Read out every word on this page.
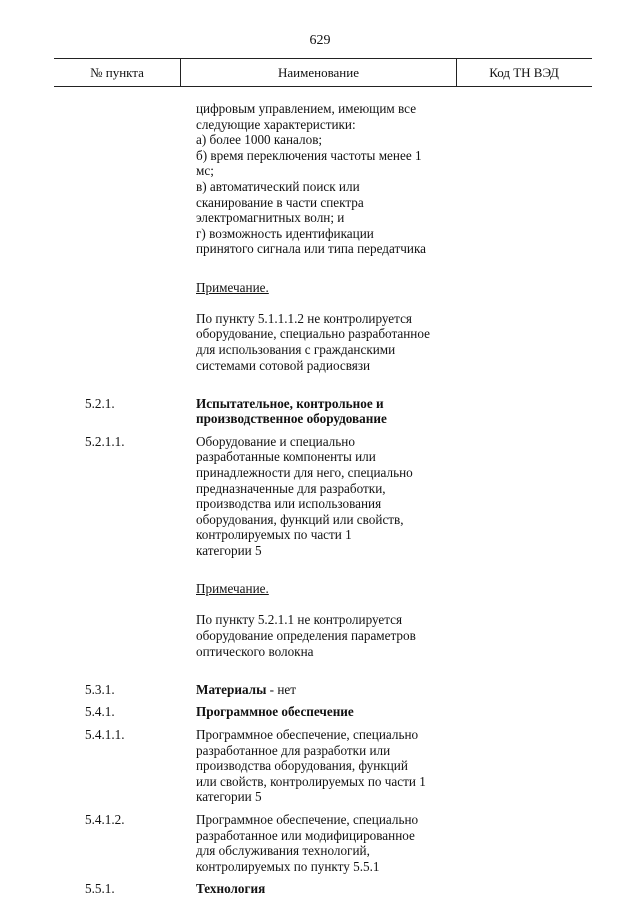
629
№ пункта	Наименование	Код ТН ВЭД
цифровым управлением, имеющим все
следующие характеристики:
а) более 1000 каналов;
б) время переключения частоты менее 1
мс;
в) автоматический поиск или
сканирование в части спектра
электромагнитных волн; и
г) возможность идентификации
принятого сигнала или типа передатчика

Примечание.

По пункту 5.1.1.1.2 не контролируется
оборудование, специально разработанное
для использования с гражданскими
системами сотовой радиосвязи

5.2.1.	Испытательное, контрольное и
производственное оборудование
5.2.1.1.	Оборудование и специально
разработанные компоненты или
принадлежности для него, специально
предназначенные для разработки,
производства или использования
оборудования, функций или свойств,
контролируемых по части 1
категории 5

Примечание.

По пункту 5.2.1.1 не контролируется
оборудование определения параметров
оптического волокна

5.3.1.	Материалы - нет
5.4.1.	Программное обеспечение
5.4.1.1.	Программное обеспечение, специально
разработанное для разработки или
производства оборудования, функций
или свойств, контролируемых по части 1
категории 5
5.4.1.2.	Программное обеспечение, специально
разработанное или модифицированное
для обслуживания технологий,
контролируемых по пункту 5.5.1
5.5.1.	Технология
